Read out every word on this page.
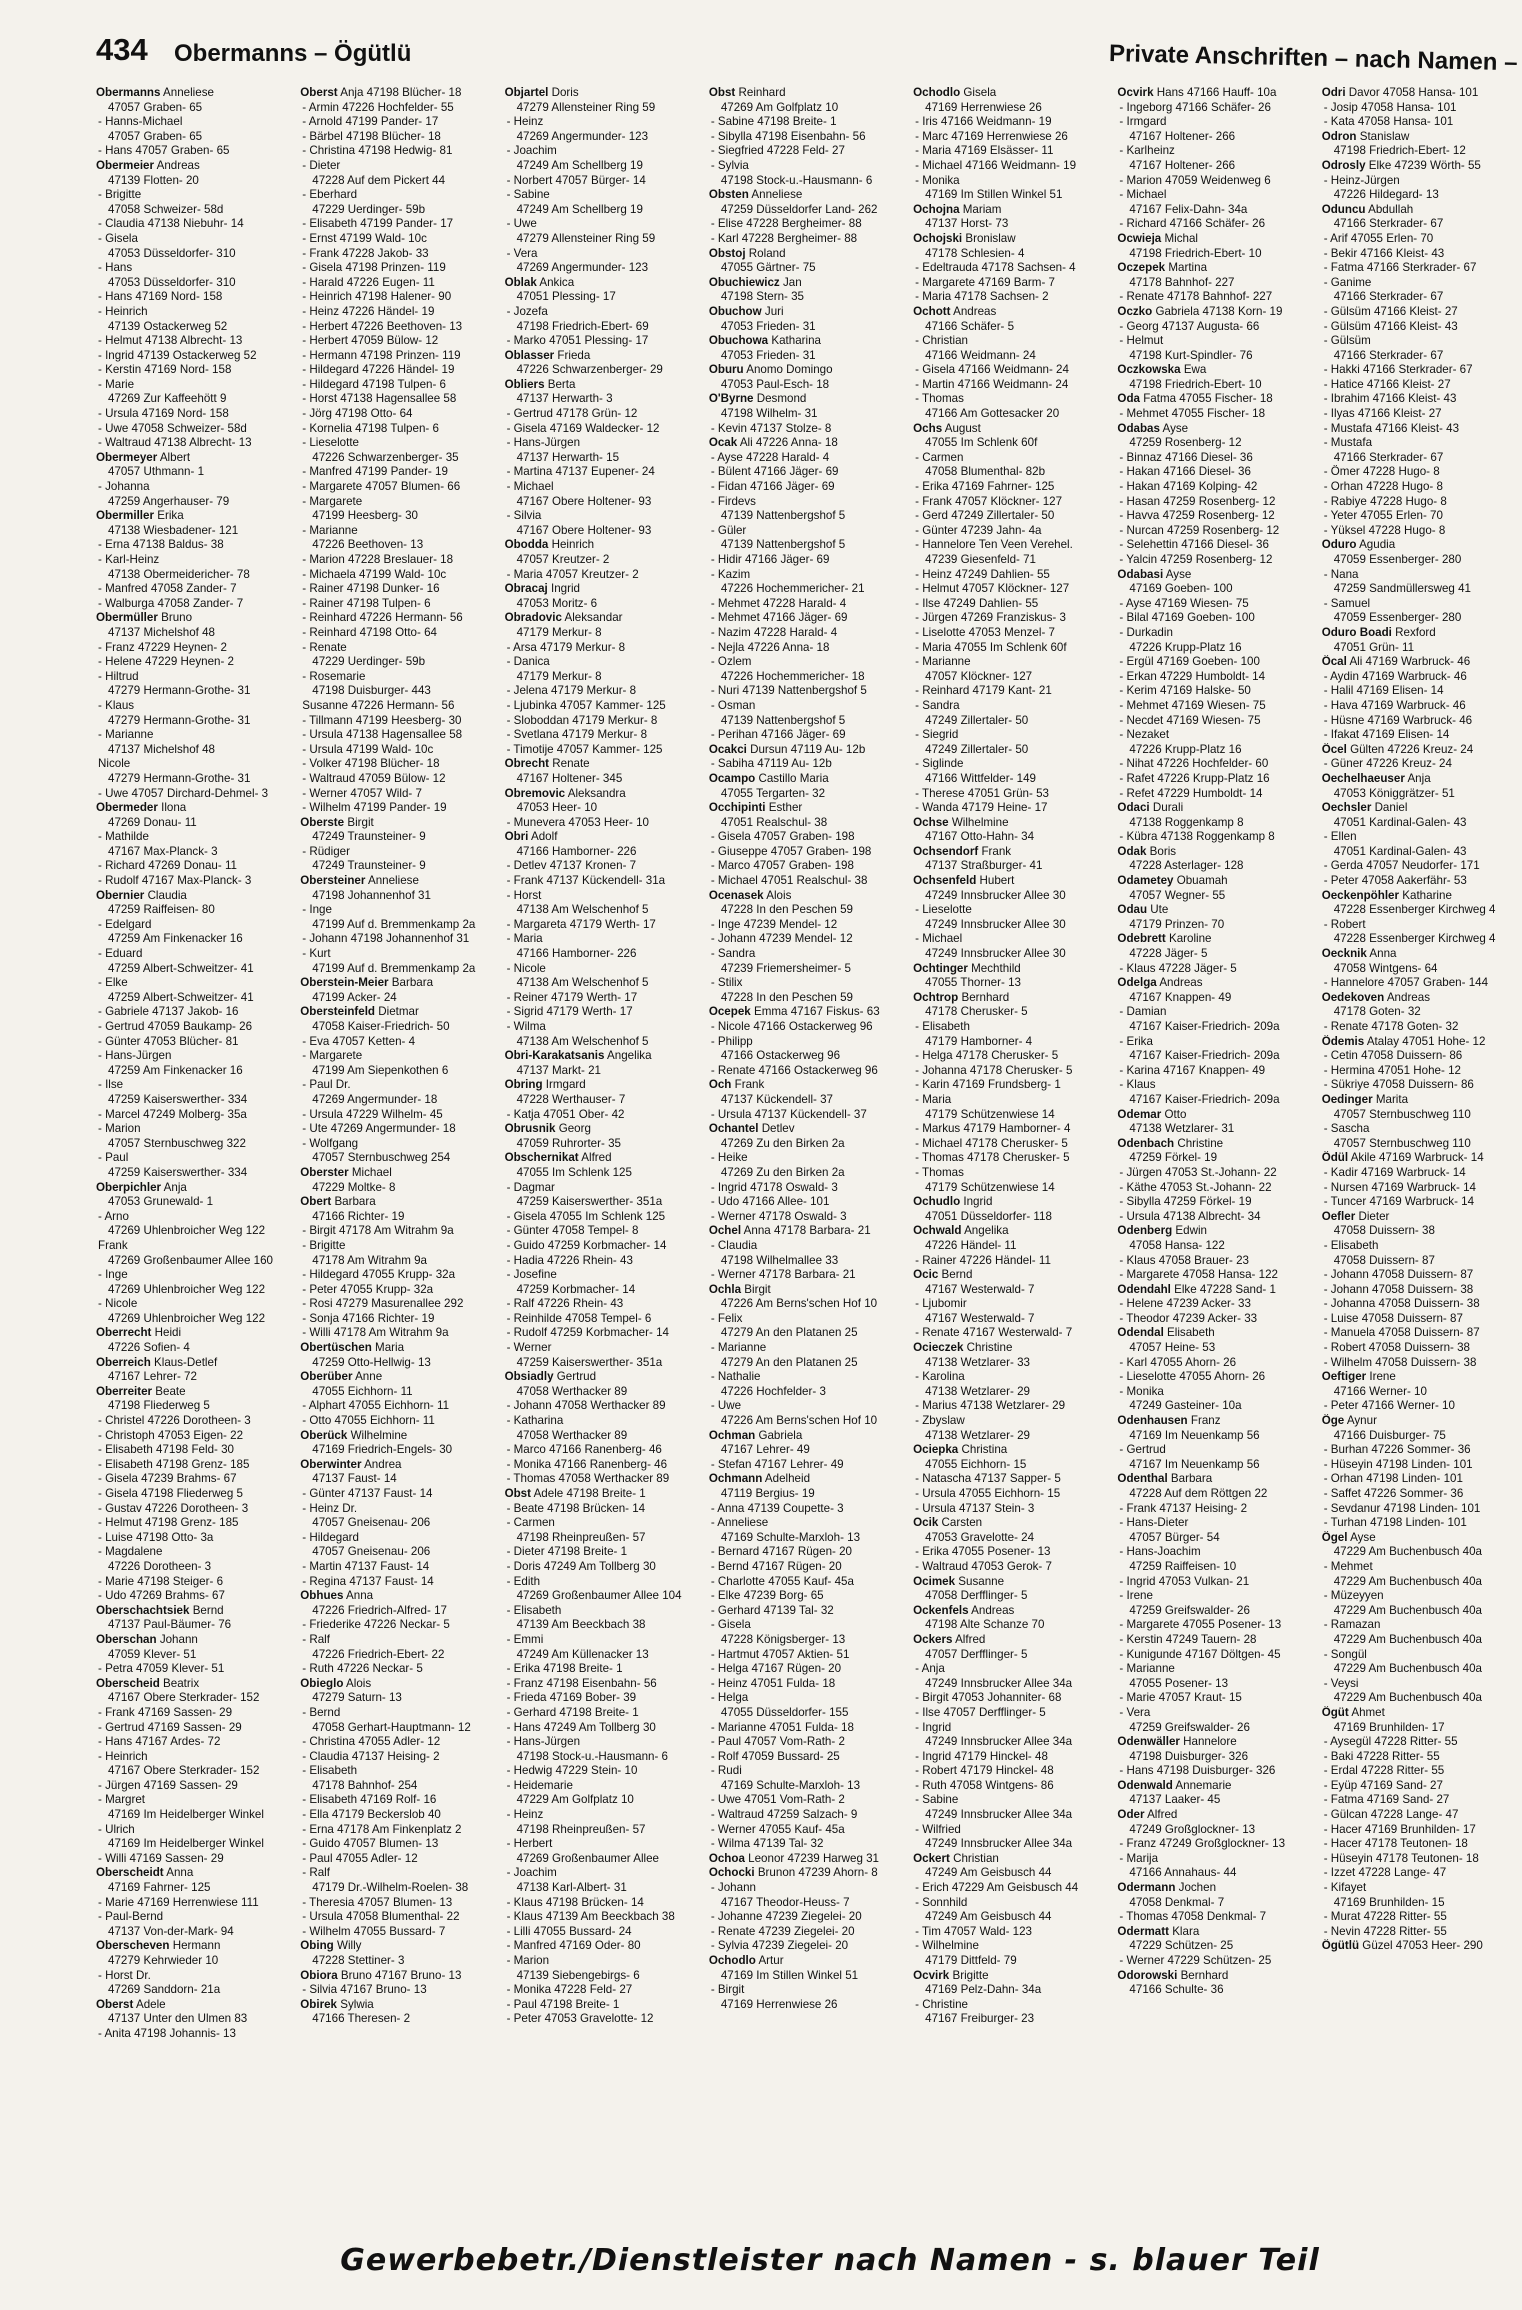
434 Obermanns – Ögütlü	Private Anschriften – nach Namen –
Obermanns Anneliese
47057 Graben- 65
- Hanns-Michael
47057 Graben- 65
- Hans 47057 Graben- 65
Obermeier Andreas
47139 Flotten- 20
- Brigitte
47058 Schweizer- 58d
- Claudia 47138 Niebuhr- 14
- Gisela
47053 Düsseldorfer- 310
- Hans
47053 Düsseldorfer- 310
- Hans 47169 Nord- 158
- Heinrich
47139 Ostackerweg 52
- Helmut 47138 Albrecht- 13
- Ingrid 47139 Ostackerweg 52
- Kerstin 47169 Nord- 158
- Marie
47269 Zur Kaffeehött 9
- Ursula 47169 Nord- 158
- Uwe 47058 Schweizer- 58d
- Waltraud 47138 Albrecht- 13
Obermeyer Albert
47057 Uthmann- 1
- Johanna
47259 Angerhauser- 79
Obermiller Erika
47138 Wiesbadener- 121
- Erna 47138 Baldus- 38
- Karl-Heinz
47138 Obermeidericher- 78
- Manfred 47058 Zander- 7
- Walburga 47058 Zander- 7
Obermüller Bruno
47137 Michelshof 48
- Franz 47229 Heynen- 2
- Helene 47229 Heynen- 2
- Hiltrud
47279 Hermann-Grothe- 31
- Klaus
47279 Hermann-Grothe- 31
- Marianne
47137 Michelshof 48
Nicole
47279 Hermann-Grothe- 31
- Uwe 47057 Dirchard-Dehmel- 3
Obermeder Ilona
47269 Donau- 11
- Mathilde
47167 Max-Planck- 3
- Richard 47269 Donau- 11
- Rudolf 47167 Max-Planck- 3
Obernier Claudia
47259 Raiffeisen- 80
- Edelgard
47259 Am Finkenacker 16
- Eduard
47259 Albert-Schweitzer- 41
- Elke
47259 Albert-Schweitzer- 41
- Gabriele 47137 Jakob- 16
- Gertrud 47059 Baukamp- 26
- Günter 47053 Blücher- 81
- Hans-Jürgen
47259 Am Finkenacker 16
- Ilse
47259 Kaiserswerther- 334
- Marcel 47249 Molberg- 35a
- Marion
47057 Sternbuschweg 322
- Paul
47259 Kaiserswerther- 334
Oberpichler Anja
47053 Grunewald- 1
- Arno
47269 Uhlenbroicher Weg 122
Frank
47269 Großenbaumer Allee 160
- Inge
47269 Uhlenbroicher Weg 122
- Nicole
47269 Uhlenbroicher Weg 122
Oberrecht Heidi
47226 Sofien- 4
Oberreich Klaus-Detlef
47167 Lehrer- 72
Oberreiter Beate
47198 Fliederweg 5
- Christel 47226 Dorotheen- 3
- Christoph 47053 Eigen- 22
- Elisabeth 47198 Feld- 30
- Elisabeth 47198 Grenz- 185
- Gisela 47239 Brahms- 67
- Gisela 47198 Fliederweg 5
- Gustav 47226 Dorotheen- 3
- Helmut 47198 Grenz- 185
- Luise 47198 Otto- 3a
- Magdalene
47226 Dorotheen- 3
- Marie 47198 Steiger- 6
- Udo 47269 Brahms- 67
Oberschachtsiek Bernd
47137 Paul-Bäumer- 76
Oberschan Johann
47059 Klever- 51
- Petra 47059 Klever- 51
Oberscheid Beatrix
47167 Obere Sterkrader- 152
- Frank 47169 Sassen- 29
- Gertrud 47169 Sassen- 29
- Hans 47167 Ardes- 72
- Heinrich
47167 Obere Sterkrader- 152
- Jürgen 47169 Sassen- 29
- Margret
47169 Im Heidelberger Winkel
- Ulrich
47169 Im Heidelberger Winkel
- Willi 47169 Sassen- 29
Oberscheidt Anna
47169 Fahrner- 125
- Marie 47169 Herrenwiese 111
- Paul-Bernd
47137 Von-der-Mark- 94
Oberscheven Hermann
47279 Kehrwieder 10
- Horst Dr.
47269 Sanddorn- 21a
Oberst Adele
47137 Unter den Ulmen 83
- Anita 47198 Johannis- 13
Oberst Anja 47198 Blücher- 18
- Armin 47226 Hochfelder- 55
- Arnold 47199 Pander- 17
- Bärbel 47198 Blücher- 18
- Christina 47198 Hedwig- 81
- Dieter
47228 Auf dem Pickert 44
- Eberhard
47229 Uerdinger- 59b
- Elisabeth 47199 Pander- 17
- Ernst 47199 Wald- 10c
- Frank 47228 Jakob- 33
- Gisela 47198 Prinzen- 119
- Harald 47226 Eugen- 11
- Heinrich 47198 Halener- 90
- Heinz 47226 Händel- 19
- Herbert 47226 Beethoven- 13
- Herbert 47059 Bülow- 12
- Hermann 47198 Prinzen- 119
- Hildegard 47226 Händel- 19
- Hildegard 47198 Tulpen- 6
- Horst 47138 Hagensallee 58
- Jörg 47198 Otto- 64
- Kornelia 47198 Tulpen- 6
- Lieselotte
47226 Schwarzenberger- 35
- Manfred 47199 Pander- 19
- Margarete 47057 Blumen- 66
- Margarete
47199 Heesberg- 30
- Marianne
47226 Beethoven- 13
- Marion 47228 Breslauer- 18
- Michaela 47199 Wald- 10c
- Rainer 47198 Dunker- 16
- Rainer 47198 Tulpen- 6
- Reinhard 47226 Hermann- 56
- Reinhard 47198 Otto- 64
- Renate
47229 Uerdinger- 59b
- Rosemarie
47198 Duisburger- 443
Susanne 47226 Hermann- 56
- Tillmann 47199 Heesberg- 30
- Ursula 47138 Hagensallee 58
- Ursula 47199 Wald- 10c
- Volker 47198 Blücher- 18
- Waltraud 47059 Bülow- 12
- Werner 47057 Wild- 7
- Wilhelm 47199 Pander- 19
Oberste Birgit
47249 Traunsteiner- 9
- Rüdiger
47249 Traunsteiner- 9
Obersteiner Anneliese
47198 Johannenhof 31
- Inge
47199 Auf d. Bremmenkamp 2a
- Johann 47198 Johannenhof 31
- Kurt
47199 Auf d. Bremmenkamp 2a
Oberstein-Meier Barbara
47199 Acker- 24
Obersteinfeld Dietmar
47058 Kaiser-Friedrich- 50
- Eva 47057 Ketten- 4
- Margarete
47199 Am Siepenkothen 6
- Paul Dr.
47269 Angermunder- 18
- Ursula 47229 Wilhelm- 45
- Ute 47269 Angermunder- 18
- Wolfgang
47057 Sternbuschweg 254
Oberster Michael
47229 Moltke- 8
Obert Barbara
47166 Richter- 19
- Birgit 47178 Am Witrahm 9a
- Brigitte
47178 Am Witrahm 9a
- Hildegard 47055 Krupp- 32a
- Peter 47055 Krupp- 32a
- Rosi 47279 Masurenallee 292
- Sonja 47166 Richter- 19
- Willi 47178 Am Witrahm 9a
Obertüschen Maria
47259 Otto-Hellwig- 13
Oberüber Anne
47055 Eichhorn- 11
- Alphart 47055 Eichhorn- 11
- Otto 47055 Eichhorn- 11
Oberück Wilhelmine
47169 Friedrich-Engels- 30
Oberwinter Andrea
47137 Faust- 14
- Günter 47137 Faust- 14
- Heinz Dr.
47057 Gneisenau- 206
- Hildegard
47057 Gneisenau- 206
- Martin 47137 Faust- 14
- Regina 47137 Faust- 14
Obhues Anna
47226 Friedrich-Alfred- 17
- Friederike 47226 Neckar- 5
- Ralf
47226 Friedrich-Ebert- 22
- Ruth 47226 Neckar- 5
Obieglo Alois
47279 Saturn- 13
- Bernd
47058 Gerhart-Hauptmann- 12
- Christina 47055 Adler- 12
- Claudia 47137 Heising- 2
- Elisabeth
47178 Bahnhof- 254
- Elisabeth 47169 Rolf- 16
- Ella 47179 Beckerslob 40
- Erna 47178 Am Finkenplatz 2
- Guido 47057 Blumen- 13
- Paul 47055 Adler- 12
- Ralf
47179 Dr.-Wilhelm-Roelen- 38
- Theresia 47057 Blumen- 13
- Ursula 47058 Blumenthal- 22
- Wilhelm 47055 Bussard- 7
Obing Willy
47228 Stettiner- 3
Obiora Bruno 47167 Bruno- 13
- Silvia 47167 Bruno- 13
Obirek Sylwia
47166 Theresen- 2
Objartel Doris
47279 Allensteiner Ring 59
- Heinz
47269 Angermunder- 123
- Joachim
47249 Am Schellberg 19
- Norbert 47057 Bürger- 14
- Sabine
47249 Am Schellberg 19
- Uwe
47279 Allensteiner Ring 59
- Vera
47269 Angermunder- 123
Oblak Ankica
47051 Plessing- 17
- Jozefa
47198 Friedrich-Ebert- 69
- Marko 47051 Plessing- 17
Oblasser Frieda
47226 Schwarzenberger- 29
Obliers Berta
47137 Herwarth- 3
- Gertrud 47178 Grün- 12
- Gisela 47169 Waldecker- 12
- Hans-Jürgen
47137 Herwarth- 15
- Martina 47137 Eupener- 24
- Michael
47167 Obere Holtener- 93
- Silvia
47167 Obere Holtener- 93
Obodda Heinrich
47057 Kreutzer- 2
- Maria 47057 Kreutzer- 2
Obracaj Ingrid
47053 Moritz- 6
Obradovic Aleksandar
47179 Merkur- 8
- Arsa 47179 Merkur- 8
- Danica
47179 Merkur- 8
- Jelena 47179 Merkur- 8
- Ljubinka 47057 Kammer- 125
- Sloboddan 47179 Merkur- 8
- Svetlana 47179 Merkur- 8
- Timotije 47057 Kammer- 125
Obrecht Renate
47167 Holtener- 345
Obremovic Aleksandra
47053 Heer- 10
- Munevera 47053 Heer- 10
Obri Adolf
47166 Hamborner- 226
- Detlev 47137 Kronen- 7
- Frank 47137 Kückendell- 31a
- Horst
47138 Am Welschenhof 5
- Margareta 47179 Werth- 17
- Maria
47166 Hamborner- 226
- Nicole
47138 Am Welschenhof 5
- Reiner 47179 Werth- 17
- Sigrid 47179 Werth- 17
- Wilma
47138 Am Welschenhof 5
Obri-Karakatsanis Angelika
47137 Markt- 21
Obring Irmgard
47228 Werthauser- 7
- Katja 47051 Ober- 42
Obrusnik Georg
47059 Ruhrorter- 35
Obschernikat Alfred
47055 Im Schlenk 125
- Dagmar
47259 Kaiserswerther- 351a
- Gisela 47055 Im Schlenk 125
- Günter 47058 Tempel- 8
- Guido 47259 Korbmacher- 14
- Hadia 47226 Rhein- 43
- Josefine
47259 Korbmacher- 14
- Ralf 47226 Rhein- 43
- Reinhilde 47058 Tempel- 6
- Rudolf 47259 Korbmacher- 14
- Werner
47259 Kaiserswerther- 351a
Obsiadly Gertrud
47058 Werthacker 89
- Johann 47058 Werthacker 89
- Katharina
47058 Werthacker 89
- Marco 47166 Ranenberg- 46
- Monika 47166 Ranenberg- 46
- Thomas 47058 Werthacker 89
Obst Adele 47198 Breite- 1
- Beate 47198 Brücken- 14
- Carmen
47198 Rheinpreußen- 57
- Dieter 47198 Breite- 1
- Doris 47249 Am Tollberg 30
- Edith
47269 Großenbaumer Allee 104
- Elisabeth
47139 Am Beeckbach 38
- Emmi
47249 Am Küllenacker 13
- Erika 47198 Breite- 1
- Franz 47198 Eisenbahn- 56
- Frieda 47169 Bober- 39
- Gerhard 47198 Breite- 1
- Hans 47249 Am Tollberg 30
- Hans-Jürgen
47198 Stock-u.-Hausmann- 6
- Hedwig 47229 Stein- 10
- Heidemarie
47229 Am Golfplatz 10
- Heinz
47198 Rheinpreußen- 57
- Herbert
47269 Großenbaumer Allee
- Joachim
47138 Karl-Albert- 31
- Klaus 47198 Brücken- 14
- Klaus 47139 Am Beeckbach 38
- Lilli 47055 Bussard- 24
- Manfred 47169 Oder- 80
- Marion
47139 Siebengebirgs- 6
- Monika 47228 Feld- 27
- Paul 47198 Breite- 1
- Peter 47053 Gravelotte- 12
Obst Reinhard
47269 Am Golfplatz 10
- Sabine 47198 Breite- 1
- Sibylla 47198 Eisenbahn- 56
- Siegfried 47228 Feld- 27
- Sylvia
47198 Stock-u.-Hausmann- 6
Obsten Anneliese
47259 Düsseldorfer Land- 262
- Elise 47228 Bergheimer- 88
- Karl 47228 Bergheimer- 88
Obstoj Roland
47055 Gärtner- 75
Obuchiewicz Jan
47198 Stern- 35
Obuchow Juri
47053 Frieden- 31
Obuchowa Katharina
47053 Frieden- 31
Oburu Anomo Domingo
47053 Paul-Esch- 18
O'Byrne Desmond
47198 Wilhelm- 31
- Kevin 47137 Stolze- 8
Ocak Ali 47226 Anna- 18
- Ayse 47228 Harald- 4
- Bülent 47166 Jäger- 69
- Fidan 47166 Jäger- 69
- Firdevs
47139 Nattenbergshof 5
- Güler
47139 Nattenbergshof 5
- Hidir 47166 Jäger- 69
- Kazim
47226 Hochemmericher- 21
- Mehmet 47228 Harald- 4
- Mehmet 47166 Jäger- 69
- Nazim 47228 Harald- 4
- Nejla 47226 Anna- 18
- Ozlem
47226 Hochemmericher- 18
- Nuri 47139 Nattenbergshof 5
- Osman
47139 Nattenbergshof 5
- Perihan 47166 Jäger- 69
Ocakci Dursun 47119 Au- 12b
- Sabiha 47119 Au- 12b
Ocampo Castillo Maria
47055 Tergarten- 32
Occhipinti Esther
47051 Realschul- 38
- Gisela 47057 Graben- 198
- Giuseppe 47057 Graben- 198
- Marco 47057 Graben- 198
- Michael 47051 Realschul- 38
Ocenasek Alois
47228 In den Peschen 59
- Inge 47239 Mendel- 12
- Johann 47239 Mendel- 12
- Sandra
47239 Friemersheimer- 5
- Stilix
47228 In den Peschen 59
Ocepek Emma 47167 Fiskus- 63
- Nicole 47166 Ostackerweg 96
- Philipp
47166 Ostackerweg 96
- Renate 47166 Ostackerweg 96
Och Frank
47137 Kückendell- 37
- Ursula 47137 Kückendell- 37
Ochantel Detlev
47269 Zu den Birken 2a
- Heike
47269 Zu den Birken 2a
- Ingrid 47178 Oswald- 3
- Udo 47166 Allee- 101
- Werner 47178 Oswald- 3
Ochel Anna 47178 Barbara- 21
- Claudia
47198 Wilhelmallee 33
- Werner 47178 Barbara- 21
Ochla Birgit
47226 Am Berns'schen Hof 10
- Felix
47279 An den Platanen 25
- Marianne
47279 An den Platanen 25
- Nathalie
47226 Hochfelder- 3
- Uwe
47226 Am Berns'schen Hof 10
Ochman Gabriela
47167 Lehrer- 49
- Stefan 47167 Lehrer- 49
Ochmann Adelheid
47119 Bergius- 19
- Anna 47139 Coupette- 3
- Anneliese
47169 Schulte-Marxloh- 13
- Bernard 47167 Rügen- 20
- Bernd 47167 Rügen- 20
- Charlotte 47055 Kauf- 45a
- Elke 47239 Borg- 65
- Gerhard 47139 Tal- 32
- Gisela
47228 Königsberger- 13
- Hartmut 47057 Aktien- 51
- Helga 47167 Rügen- 20
- Heinz 47051 Fulda- 18
- Helga
47055 Düsseldorfer- 155
- Marianne 47051 Fulda- 18
- Paul 47057 Vom-Rath- 2
- Rolf 47059 Bussard- 25
- Rudi
47169 Schulte-Marxloh- 13
- Uwe 47051 Vom-Rath- 2
- Waltraud 47259 Salzach- 9
- Werner 47055 Kauf- 45a
- Wilma 47139 Tal- 32
Ochoa Leonor 47239 Harweg 31
Ochocki Brunon 47239 Ahorn- 8
- Johann
47167 Theodor-Heuss- 7
- Johanne 47239 Ziegelei- 20
- Renate 47239 Ziegelei- 20
- Sylvia 47239 Ziegelei- 20
Ochodlo Artur
47169 Im Stillen Winkel 51
- Birgit
47169 Herrenwiese 26
Ochodlo Gisela
47169 Herrenwiese 26
- Iris 47166 Weidmann- 19
- Marc 47169 Herrenwiese 26
- Maria 47169 Elsässer- 11
- Michael 47166 Weidmann- 19
- Monika
47169 Im Stillen Winkel 51
Ochojna Mariam
47137 Horst- 73
Ochojski Bronislaw
47178 Schlesien- 4
- Edeltrauda 47178 Sachsen- 4
- Margarete 47169 Barm- 7
- Maria 47178 Sachsen- 2
Ochott Andreas
47166 Schäfer- 5
- Christian
47166 Weidmann- 24
- Gisela 47166 Weidmann- 24
- Martin 47166 Weidmann- 24
- Thomas
47166 Am Gottesacker 20
Ochs August
47055 Im Schlenk 60f
- Carmen
47058 Blumenthal- 82b
- Erika 47169 Fahrner- 125
- Frank 47057 Klöckner- 127
- Gerd 47249 Zillertaler- 50
- Günter 47239 Jahn- 4a
- Hannelore Ten Veen Verehel.
47239 Giesenfeld- 71
- Heinz 47249 Dahlien- 55
- Helmut 47057 Klöckner- 127
- Ilse 47249 Dahlien- 55
- Jürgen 47269 Franziskus- 3
- Liselotte 47053 Menzel- 7
- Maria 47055 Im Schlenk 60f
- Marianne
47057 Klöckner- 127
- Reinhard 47179 Kant- 21
- Sandra
47249 Zillertaler- 50
- Siegrid
47249 Zillertaler- 50
- Siglinde
47166 Wittfelder- 149
- Therese 47051 Grün- 53
- Wanda 47179 Heine- 17
Ochse Wilhelmine
47167 Otto-Hahn- 34
Ochsendorf Frank
47137 Straßburger- 41
Ochsenfeld Hubert
47249 Innsbrucker Allee 30
- Lieselotte
47249 Innsbrucker Allee 30
- Michael
47249 Innsbrucker Allee 30
Ochtinger Mechthild
47055 Thorner- 13
Ochtrop Bernhard
47178 Cherusker- 5
- Elisabeth
47179 Hamborner- 4
- Helga 47178 Cherusker- 5
- Johanna 47178 Cherusker- 5
- Karin 47169 Frundsberg- 1
- Maria
47179 Schützenwiese 14
- Markus 47179 Hamborner- 4
- Michael 47178 Cherusker- 5
- Thomas 47178 Cherusker- 5
- Thomas
47179 Schützenwiese 14
Ochudlo Ingrid
47051 Düsseldorfer- 118
Ochwald Angelika
47226 Händel- 11
- Rainer 47226 Händel- 11
Ocic Bernd
47167 Westerwald- 7
- Ljubomir
47167 Westerwald- 7
- Renate 47167 Westerwald- 7
Ocieczek Christine
47138 Wetzlarer- 33
- Karolina
47138 Wetzlarer- 29
- Marius 47138 Wetzlarer- 29
- Zbyslaw
47138 Wetzlarer- 29
Ociepka Christina
47055 Eichhorn- 15
- Natascha 47137 Sapper- 5
- Ursula 47055 Eichhorn- 15
- Ursula 47137 Stein- 3
Ocik Carsten
47053 Gravelotte- 24
- Erika 47055 Posener- 13
- Waltraud 47053 Gerok- 7
Ocimek Susanne
47058 Derfflinger- 5
Ockenfels Andreas
47198 Alte Schanze 70
Ockers Alfred
47057 Derfflinger- 5
- Anja
47249 Innsbrucker Allee 34a
- Birgit 47053 Johanniter- 68
- Ilse 47057 Derfflinger- 5
- Ingrid
47249 Innsbrucker Allee 34a
- Ingrid 47179 Hinckel- 48
- Robert 47179 Hinckel- 48
- Ruth 47058 Wintgens- 86
- Sabine
47249 Innsbrucker Allee 34a
- Wilfried
47249 Innsbrucker Allee 34a
Ockert Christian
47249 Am Geisbusch 44
- Erich 47229 Am Geisbusch 44
- Sonnhild
47249 Am Geisbusch 44
- Tim 47057 Wald- 123
- Wilhelmine
47179 Dittfeld- 79
Ocvirk Brigitte
47169 Pelz-Dahn- 34a
- Christine
47167 Freiburger- 23
Ocvirk Hans 47166 Hauff- 10a
- Ingeborg 47166 Schäfer- 26
- Irmgard
47167 Holtener- 266
- Karlheinz
47167 Holtener- 266
- Marion 47059 Weidenweg 6
- Michael
47167 Felix-Dahn- 34a
- Richard 47166 Schäfer- 26
Ocwieja Michal
47198 Friedrich-Ebert- 10
Oczepek Martina
47178 Bahnhof- 227
- Renate 47178 Bahnhof- 227
Oczko Gabriela 47138 Korn- 19
- Georg 47137 Augusta- 66
- Helmut
47198 Kurt-Spindler- 76
Oczkowska Ewa
47198 Friedrich-Ebert- 10
Oda Fatma 47055 Fischer- 18
- Mehmet 47055 Fischer- 18
Odabas Ayse
47259 Rosenberg- 12
- Binnaz 47166 Diesel- 36
- Hakan 47166 Diesel- 36
- Hakan 47169 Kolping- 42
- Hasan 47259 Rosenberg- 12
- Havva 47259 Rosenberg- 12
- Nurcan 47259 Rosenberg- 12
- Selehettin 47166 Diesel- 36
- Yalcin 47259 Rosenberg- 12
Odabasi Ayse
47169 Goeben- 100
- Ayse 47169 Wiesen- 75
- Bilal 47169 Goeben- 100
- Durkadin
47226 Krupp-Platz 16
- Ergül 47169 Goeben- 100
- Erkan 47229 Humboldt- 14
- Kerim 47169 Halske- 50
- Mehmet 47169 Wiesen- 75
- Necdet 47169 Wiesen- 75
- Nezaket
47226 Krupp-Platz 16
- Nihat 47226 Hochfelder- 60
- Rafet 47226 Krupp-Platz 16
- Refet 47229 Humboldt- 14
Odaci Durali
47138 Roggenkamp 8
- Kübra 47138 Roggenkamp 8
Odak Boris
47228 Asterlager- 128
Odametey Obuamah
47057 Wegner- 55
Odau Ute
47179 Prinzen- 70
Odebrett Karoline
47228 Jäger- 5
- Klaus 47228 Jäger- 5
Odelga Andreas
47167 Knappen- 49
- Damian
47167 Kaiser-Friedrich- 209a
- Erika
47167 Kaiser-Friedrich- 209a
- Karina 47167 Knappen- 49
- Klaus
47167 Kaiser-Friedrich- 209a
Odemar Otto
47138 Wetzlarer- 31
Odenbach Christine
47259 Förkel- 19
- Jürgen 47053 St.-Johann- 22
- Käthe 47053 St.-Johann- 22
- Sibylla 47259 Förkel- 19
- Ursula 47138 Albrecht- 34
Odenberg Edwin
47058 Hansa- 122
- Klaus 47058 Brauer- 23
- Margarete 47058 Hansa- 122
Odendahl Elke 47228 Sand- 1
- Helene 47239 Acker- 33
- Theodor 47239 Acker- 33
Odendal Elisabeth
47057 Heine- 53
- Karl 47055 Ahorn- 26
- Lieselotte 47055 Ahorn- 26
- Monika
47249 Gasteiner- 10a
Odenhausen Franz
47169 Im Neuenkamp 56
- Gertrud
47167 Im Neuenkamp 56
Odenthal Barbara
47228 Auf dem Röttgen 22
- Frank 47137 Heising- 2
- Hans-Dieter
47057 Bürger- 54
- Hans-Joachim
47259 Raiffeisen- 10
- Ingrid 47053 Vulkan- 21
- Irene
47259 Greifswalder- 26
- Margarete 47055 Posener- 13
- Kerstin 47249 Tauern- 28
- Kunigunde 47167 Döltgen- 45
- Marianne
47055 Posener- 13
- Marie 47057 Kraut- 15
- Vera
47259 Greifswalder- 26
Odenwäller Hannelore
47198 Duisburger- 326
- Hans 47198 Duisburger- 326
Odenwald Annemarie
47137 Laaker- 45
Oder Alfred
47249 Großglockner- 13
- Franz 47249 Großglockner- 13
- Marija
47166 Annahaus- 44
Odermann Jochen
47058 Denkmal- 7
- Thomas 47058 Denkmal- 7
Odermatt Klara
47229 Schützen- 25
- Werner 47229 Schützen- 25
Odorowski Bernhard
47166 Schulte- 36
Odri Davor 47058 Hansa- 101
- Josip 47058 Hansa- 101
- Kata 47058 Hansa- 101
Odron Stanislaw
47198 Friedrich-Ebert- 12
Odrosly Elke 47239 Wörth- 55
- Heinz-Jürgen
47226 Hildegard- 13
Oduncu Abdullah
47166 Sterkrader- 67
- Arif 47055 Erlen- 70
- Bekir 47166 Kleist- 43
- Fatma 47166 Sterkrader- 67
- Ganime
47166 Sterkrader- 67
- Gülsüm 47166 Kleist- 27
- Gülsüm 47166 Kleist- 43
- Gülsüm
47166 Sterkrader- 67
- Hakki 47166 Sterkrader- 67
- Hatice 47166 Kleist- 27
- Ibrahim 47166 Kleist- 43
- Ilyas 47166 Kleist- 27
- Mustafa 47166 Kleist- 43
- Mustafa
47166 Sterkrader- 67
- Ömer 47228 Hugo- 8
- Orhan 47228 Hugo- 8
- Rabiye 47228 Hugo- 8
- Yeter 47055 Erlen- 70
- Yüksel 47228 Hugo- 8
Oduro Agudia
47059 Essenberger- 280
- Nana
47259 Sandmüllersweg 41
- Samuel
47059 Essenberger- 280
Oduro Boadi Rexford
47051 Grün- 11
Öcal Ali 47169 Warbruck- 46
- Aydin 47169 Warbruck- 46
- Halil 47169 Elisen- 14
- Hava 47169 Warbruck- 46
- Hüsne 47169 Warbruck- 46
- Ifakat 47169 Elisen- 14
Öcel Gülten 47226 Kreuz- 24
- Güner 47226 Kreuz- 24
Oechelhaeuser Anja
47053 Königgrätzer- 51
Oechsler Daniel
47051 Kardinal-Galen- 43
- Ellen
47051 Kardinal-Galen- 43
- Gerda 47057 Neudorfer- 171
- Peter 47058 Aakerfähr- 53
Oeckenpöhler Katharine
47228 Essenberger Kirchweg 4
- Robert
47228 Essenberger Kirchweg 4
Oecknik Anna
47058 Wintgens- 64
- Hannelore 47057 Graben- 144
Oedekoven Andreas
47178 Goten- 32
- Renate 47178 Goten- 32
Ödemis Atalay 47051 Hohe- 12
- Cetin 47058 Duissern- 86
- Hermina 47051 Hohe- 12
- Sükriye 47058 Duissern- 86
Oedinger Marita
47057 Sternbuschweg 110
- Sascha
47057 Sternbuschweg 110
Ödül Akile 47169 Warbruck- 14
- Kadir 47169 Warbruck- 14
- Nursen 47169 Warbruck- 14
- Tuncer 47169 Warbruck- 14
Oefler Dieter
47058 Duissern- 38
- Elisabeth
47058 Duissern- 87
- Johann 47058 Duissern- 87
- Johann 47058 Duissern- 38
- Johanna 47058 Duissern- 38
- Luise 47058 Duissern- 87
- Manuela 47058 Duissern- 87
- Robert 47058 Duissern- 38
- Wilhelm 47058 Duissern- 38
Oeftiger Irene
47166 Werner- 10
- Peter 47166 Werner- 10
Öge Aynur
47166 Duisburger- 75
- Burhan 47226 Sommer- 36
- Hüseyin 47198 Linden- 101
- Orhan 47198 Linden- 101
- Saffet 47226 Sommer- 36
- Sevdanur 47198 Linden- 101
- Turhan 47198 Linden- 101
Ögel Ayse
47229 Am Buchenbusch 40a
- Mehmet
47229 Am Buchenbusch 40a
- Müzeyyen
47229 Am Buchenbusch 40a
- Ramazan
47229 Am Buchenbusch 40a
- Songül
47229 Am Buchenbusch 40a
- Veysi
47229 Am Buchenbusch 40a
Ögüt Ahmet
47169 Brunhilden- 17
- Aysegül 47228 Ritter- 55
- Baki 47228 Ritter- 55
- Erdal 47228 Ritter- 55
- Eyüp 47169 Sand- 27
- Fatma 47169 Sand- 27
- Gülcan 47228 Lange- 47
- Hacer 47169 Brunhilden- 17
- Hacer 47178 Teutonen- 18
- Hüseyin 47178 Teutonen- 18
- Izzet 47228 Lange- 47
- Kifayet
47169 Brunhilden- 15
- Murat 47228 Ritter- 55
- Nevin 47228 Ritter- 55
Ögütlü Güzel 47053 Heer- 290
Gewerbebetr./Dienstleister nach Namen - s. blauer Teil
